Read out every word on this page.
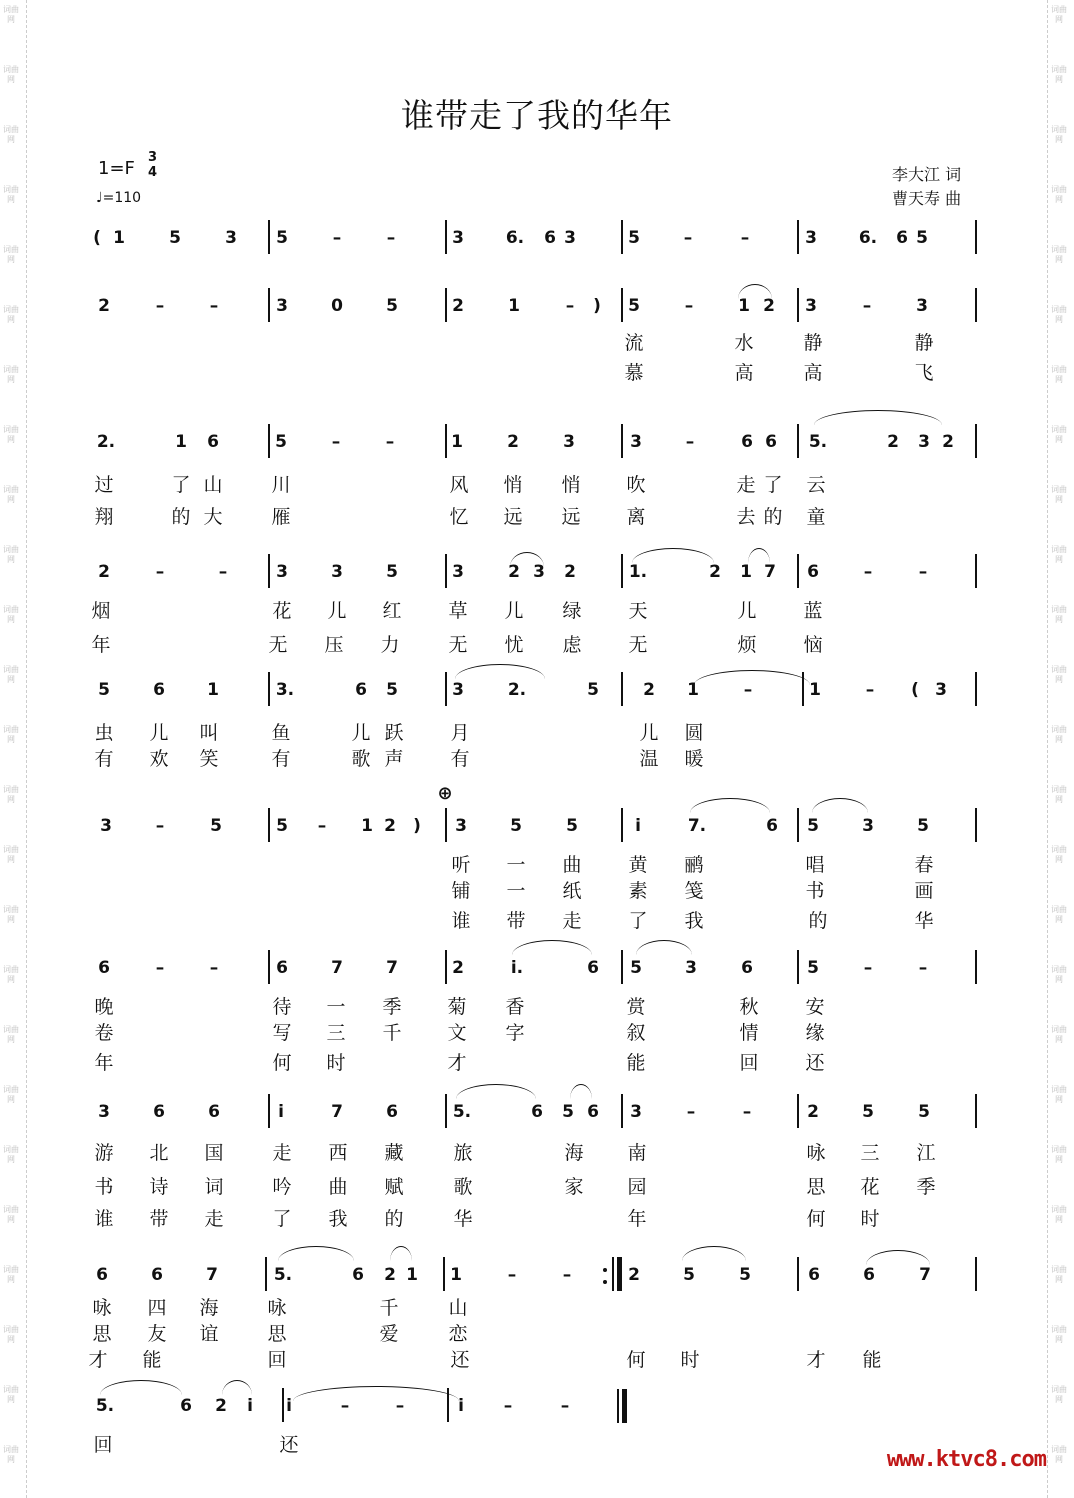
词曲网
词曲网
词曲网
词曲网
词曲网
词曲网
词曲网
词曲网
词曲网
词曲网
词曲网
词曲网
词曲网
词曲网
词曲网
词曲网
词曲网
词曲网
词曲网
词曲网
词曲网
词曲网
词曲网
词曲网
词曲网
词曲网
词曲网
词曲网
词曲网
词曲网
词曲网
词曲网
词曲网
词曲网
词曲网
词曲网
词曲网
词曲网
词曲网
词曲网
词曲网
词曲网
词曲网
词曲网
词曲网
词曲网
词曲网
词曲网
词曲网
词曲网
谁带走了我的华年
1=F
3
4
♩=110
李大江 词
曹天寿 曲
( 1	5	3 5	–	–	3 6. 6 3	5	–	–	3 6. 6 5
2	–	–	3	0	5	2	1	– ) 5	–	1 2 3	–	3
流	水	静	静
慕	高	高	飞
2.	1 6	5	–	–	1	2	3	3	–	6 6 5.	2 3 2
过	了 山	川	风 悄 悄 吹	走 了 云
翔	的 大	雁	忆 远 远 离	去 的 童
2	–	–	3	3	5	3	2 3 2	1.	2 1 7 6	–	–
烟	花 儿 红 草 儿 绿 天	儿 蓝
年	无 压 力	无 忧 虑 无	烦 恼
5	6 1	3.	6 5	3	2.	5	2 1	–	1	– ( 3
虫 儿 叫	鱼	儿 跃 月	儿 圆
有 欢 笑	有	歌 声 有	温 暖
3	–	5	5 – 1 2 ) 3	5	5	i	7.	6 5	3	5
听 一 曲 黄 鹂	唱	春
铺 一 纸 素 笺	书	画
谁 带 走 了 我	的	华
6	–	–	6	7	7	2	i.	6 5	3	6	5	–	–
晚	待 一 季 菊 香	赏	秋 安
卷	写 三 千 文 字	叙	情 缘
年	何 时	才	能	回 还
3	6	6	i	7	6	5.	6 5 6 3	–	–	2	5	5
游 北 国	走 西 藏	旅	海 南	咏 三 江
书 诗 词	吟 曲 赋	歌	家 园	思 花 季
谁 带 走	了 我 的	华	年	何 时
6	6	7	5.	6 2 1 1	–	–	2	5	5	6	6	7
咏 四 海	咏	千	山
思 友 谊	思	爱	恋
才 能	回	还	何 时	才 能
5.	6 2 i i	–	–	i –	–
回	还
⊕
www.ktvc8.com
